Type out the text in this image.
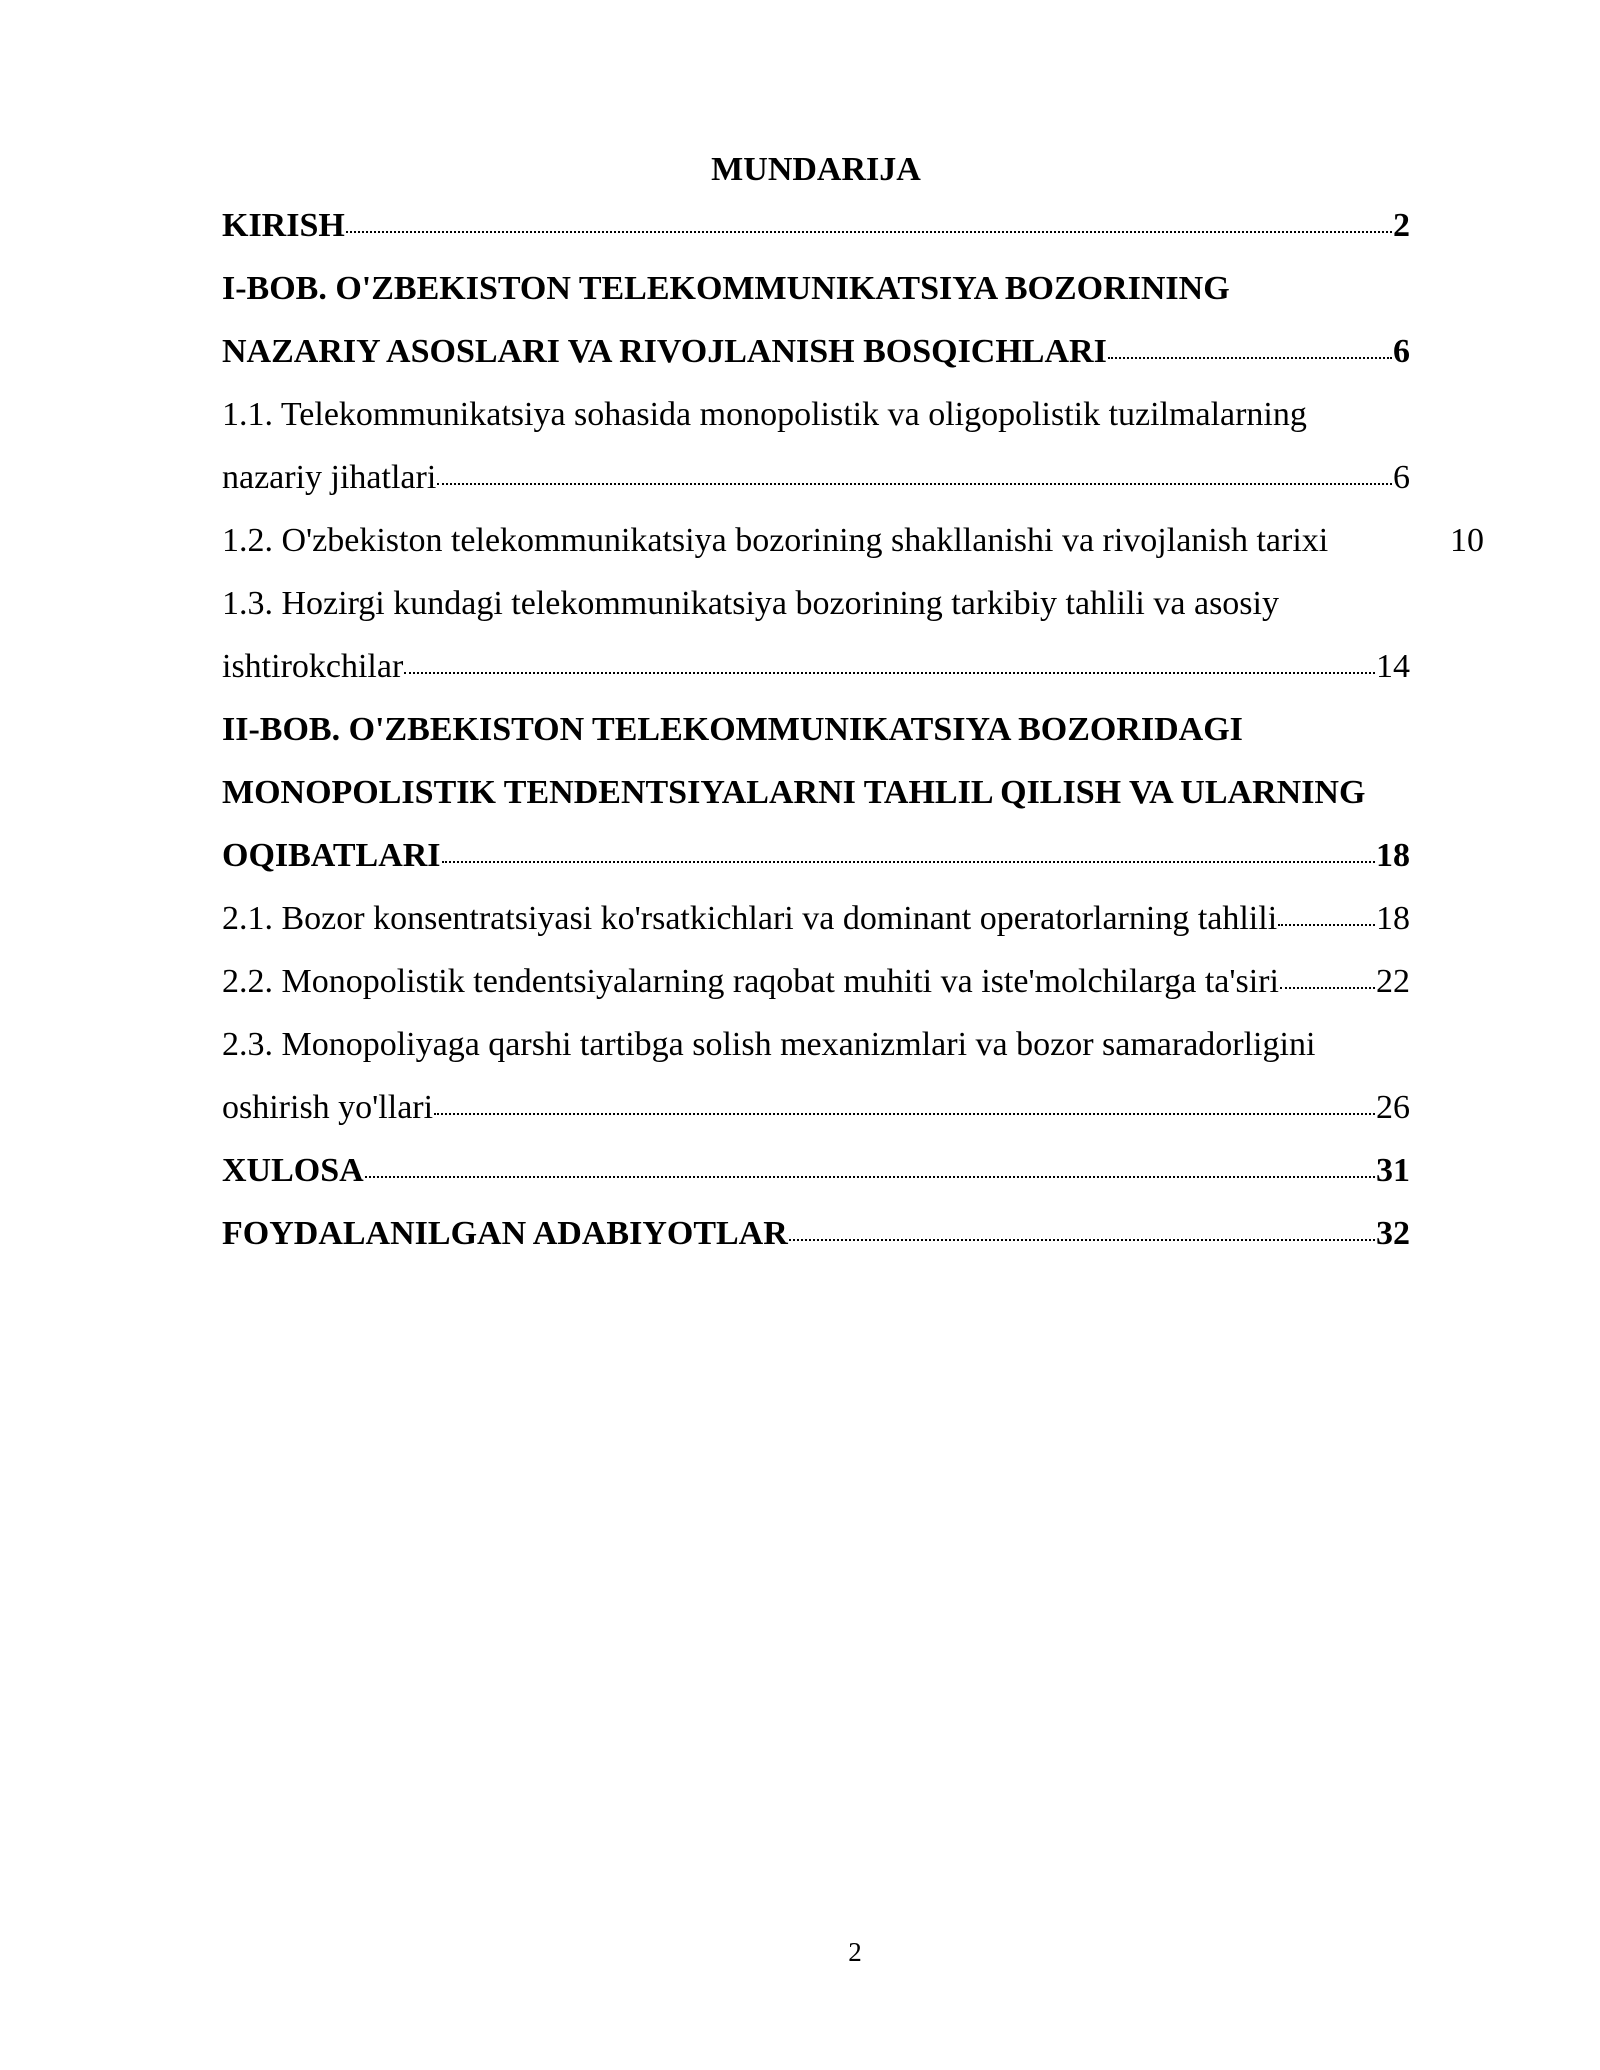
MUNDARIJA
KIRISH	2
I-BOB. O'ZBEKISTON TELEKOMMUNIKATSIYA BOZORINING
NAZARIY ASOSLARI VA RIVOJLANISH BOSQICHLARI	6
1.1. Telekommunikatsiya sohasida monopolistik va oligopolistik tuzilmalarning
nazariy jihatlari	6
1.2. O'zbekiston telekommunikatsiya bozorining shakllanishi va rivojlanish tarixi	10
1.3. Hozirgi kundagi telekommunikatsiya bozorining tarkibiy tahlili va asosiy
ishtirokchilar	14
II-BOB. O'ZBEKISTON TELEKOMMUNIKATSIYA BOZORIDAGI
MONOPOLISTIK TENDENTSIYALARNI TAHLIL QILISH VA ULARNING
OQIBATLARI	18
2.1. Bozor konsentratsiyasi ko'rsatkichlari va dominant operatorlarning tahlili	18
2.2. Monopolistik tendentsiyalarning raqobat muhiti va iste'molchilarga ta'siri	22
2.3. Monopoliyaga qarshi tartibga solish mexanizmlari va bozor samaradorligini
oshirish yo'llari	26
XULOSA	31
FOYDALANILGAN ADABIYOTLAR	32
2
